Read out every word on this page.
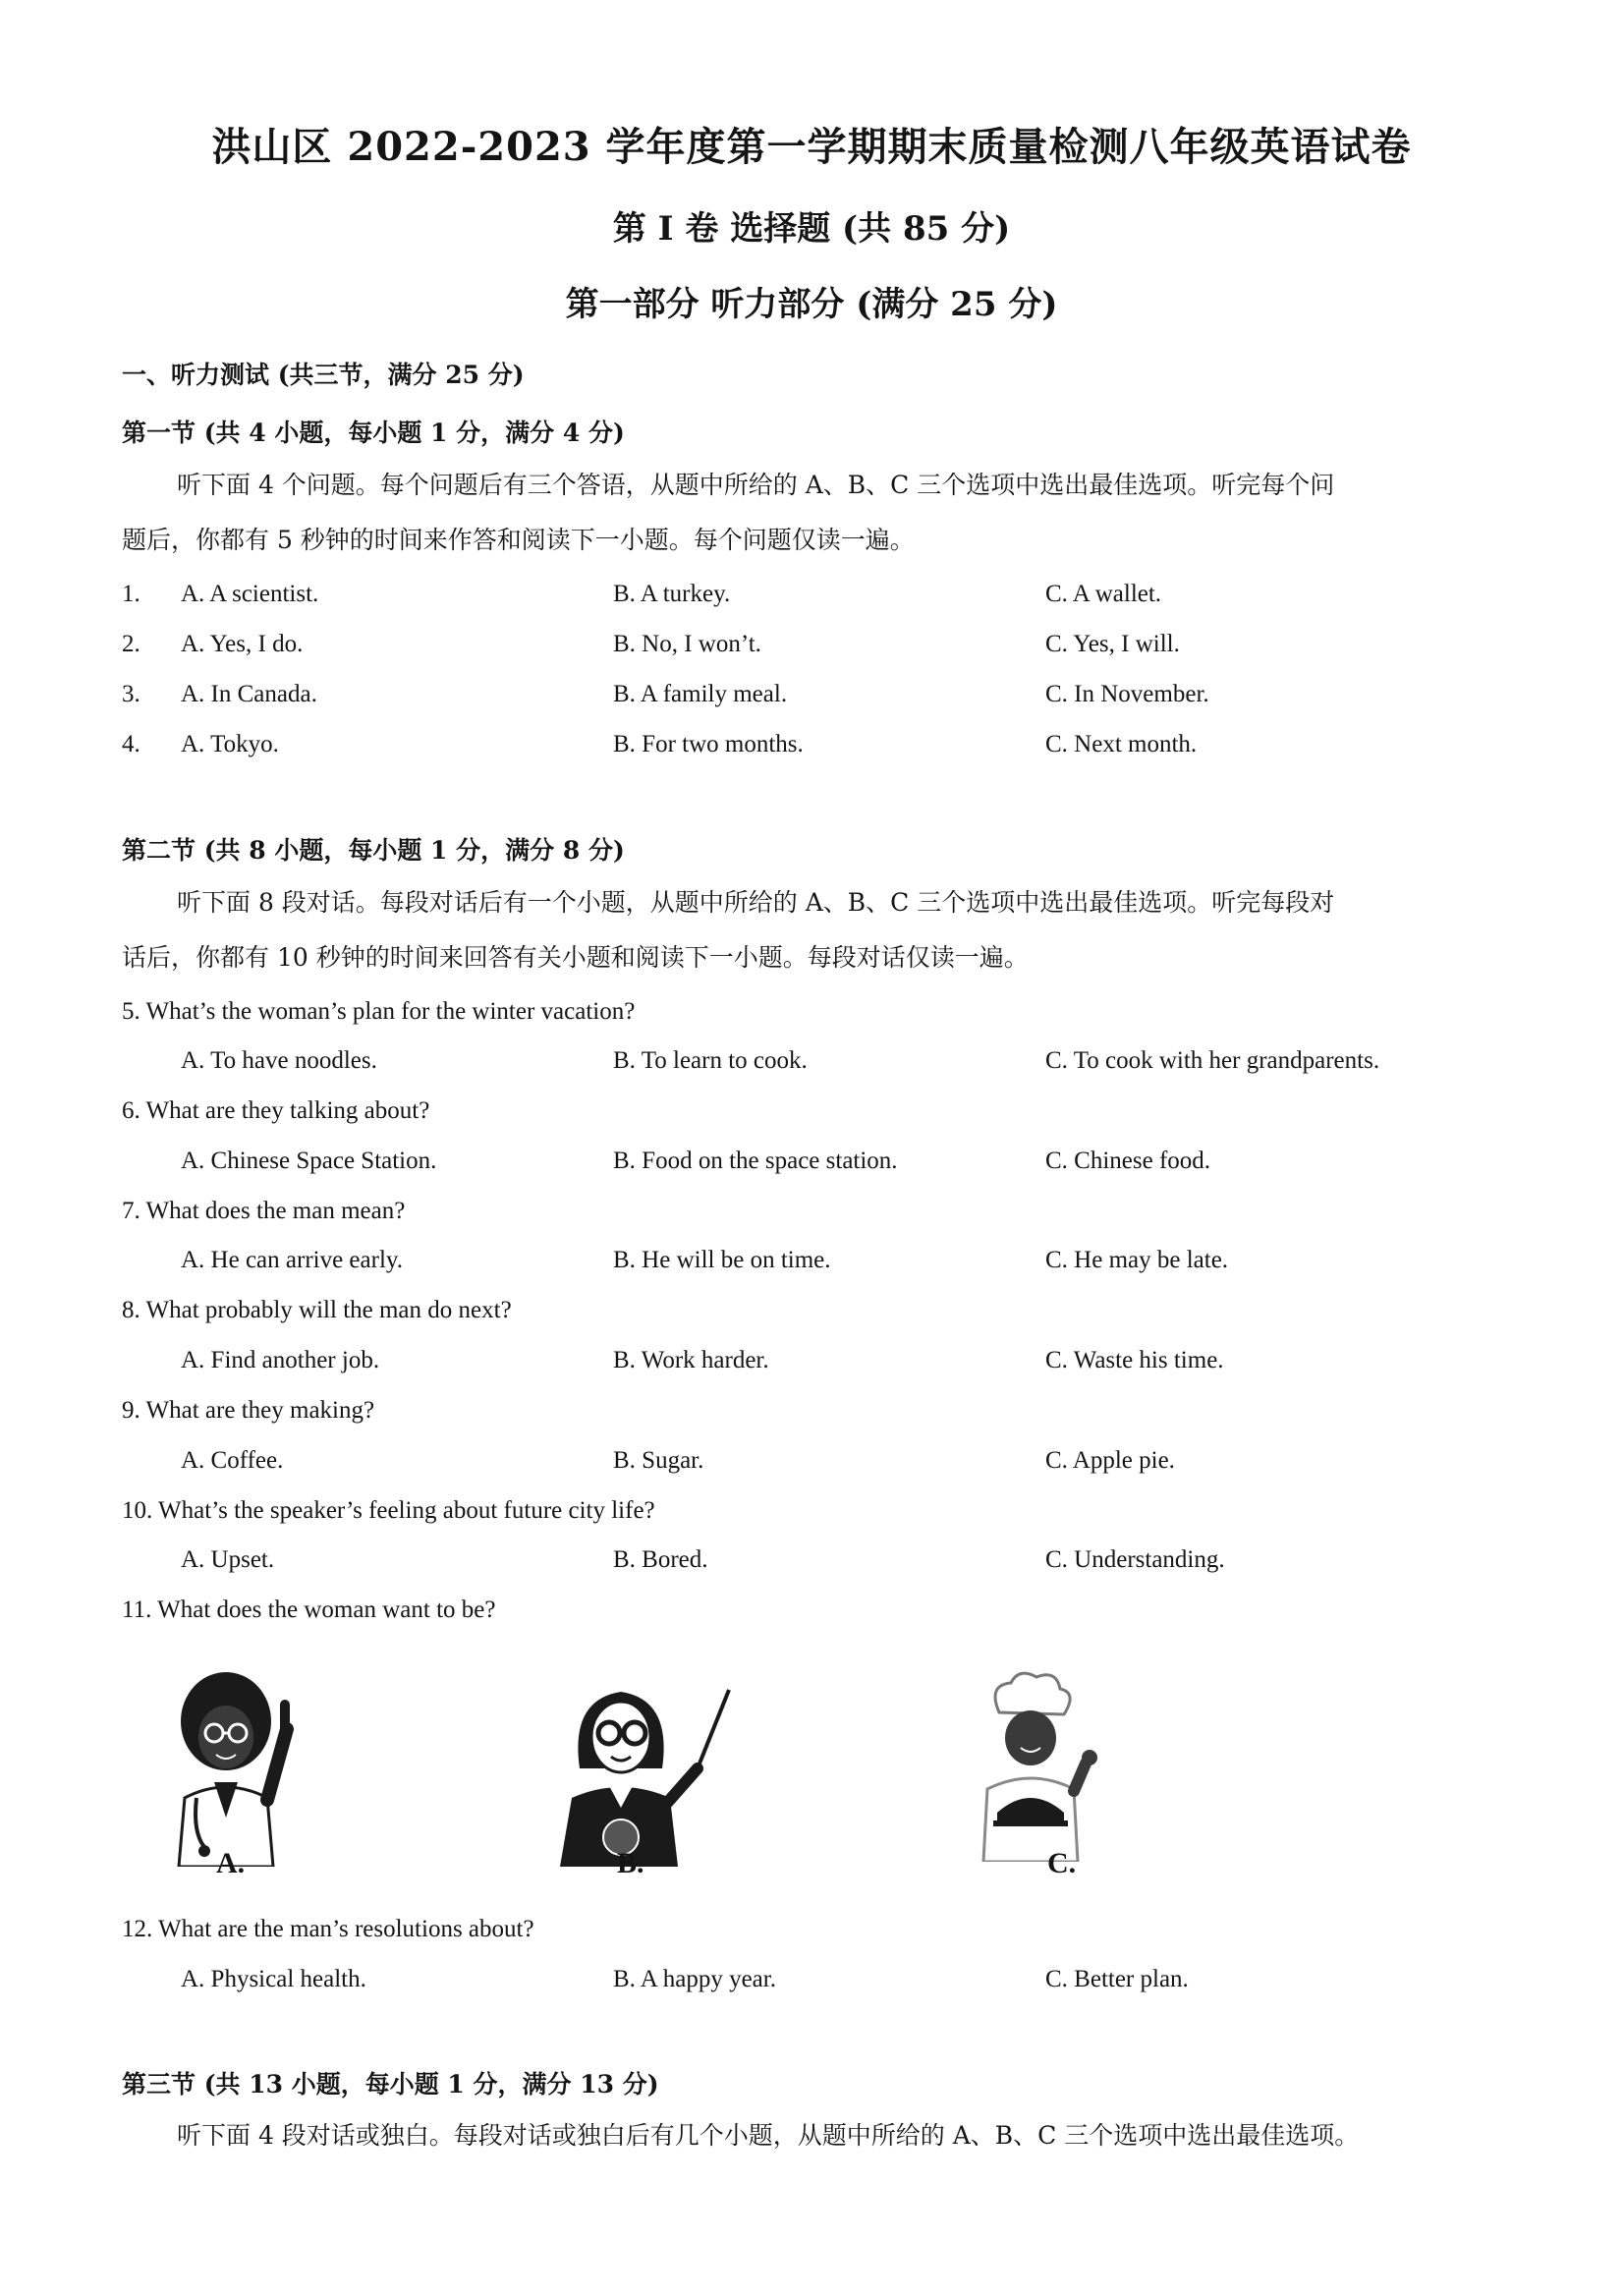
洪山区 2022-2023 学年度第一学期期末质量检测八年级英语试卷
第 I 卷 选择题 (共 85 分)
第一部分 听力部分 (满分 25 分)
一、听力测试 (共三节，满分 25 分)
第一节 (共 4 小题，每小题 1 分，满分 4 分)
听下面 4 个问题。每个问题后有三个答语，从题中所给的 A、B、C 三个选项中选出最佳选项。听完每个问
题后，你都有 5 秒钟的时间来作答和阅读下一小题。每个问题仅读一遍。
1. A. A scientist.	B. A turkey.	C. A wallet.
2. A. Yes, I do.	B. No, I won’t.	C. Yes, I will.
3. A. In Canada.	B. A family meal.	C. In November.
4. A. Tokyo.	B. For two months.	C. Next month.
第二节 (共 8 小题，每小题 1 分，满分 8 分)
听下面 8 段对话。每段对话后有一个小题，从题中所给的 A、B、C 三个选项中选出最佳选项。听完每段对
话后，你都有 10 秒钟的时间来回答有关小题和阅读下一小题。每段对话仅读一遍。
5. What’s the woman’s plan for the winter vacation?
A. To have noodles.	B. To learn to cook.	C. To cook with her grandparents.
6. What are they talking about?
A. Chinese Space Station.	B. Food on the space station.	C. Chinese food.
7. What does the man mean?
A. He can arrive early.	B. He will be on time.	C. He may be late.
8. What probably will the man do next?
A. Find another job.	B. Work harder.	C. Waste his time.
9. What are they making?
A. Coffee.	B. Sugar.	C. Apple pie.
10. What’s the speaker’s feeling about future city life?
A. Upset.	B. Bored.	C. Understanding.
11. What does the woman want to be?
A.	B.	C.
12. What are the man’s resolutions about?
A. Physical health.	B. A happy year.	C. Better plan.
第三节 (共 13 小题，每小题 1 分，满分 13 分)
听下面 4 段对话或独白。每段对话或独白后有几个小题，从题中所给的 A、B、C 三个选项中选出最佳选项。
